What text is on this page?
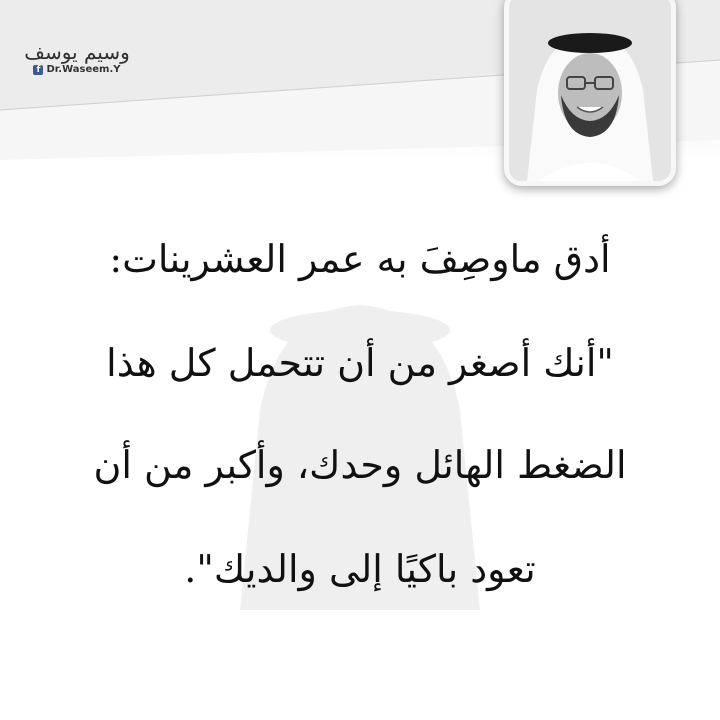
وسيم يوسف
f Dr.Waseem.Y
أدق ماوصِفَ به عمر العشرينات:
"أنك أصغر من أن تتحمل كل هذا
الضغط الهائل وحدك، وأكبر من أن
تعود باكيًا إلى والديك".
